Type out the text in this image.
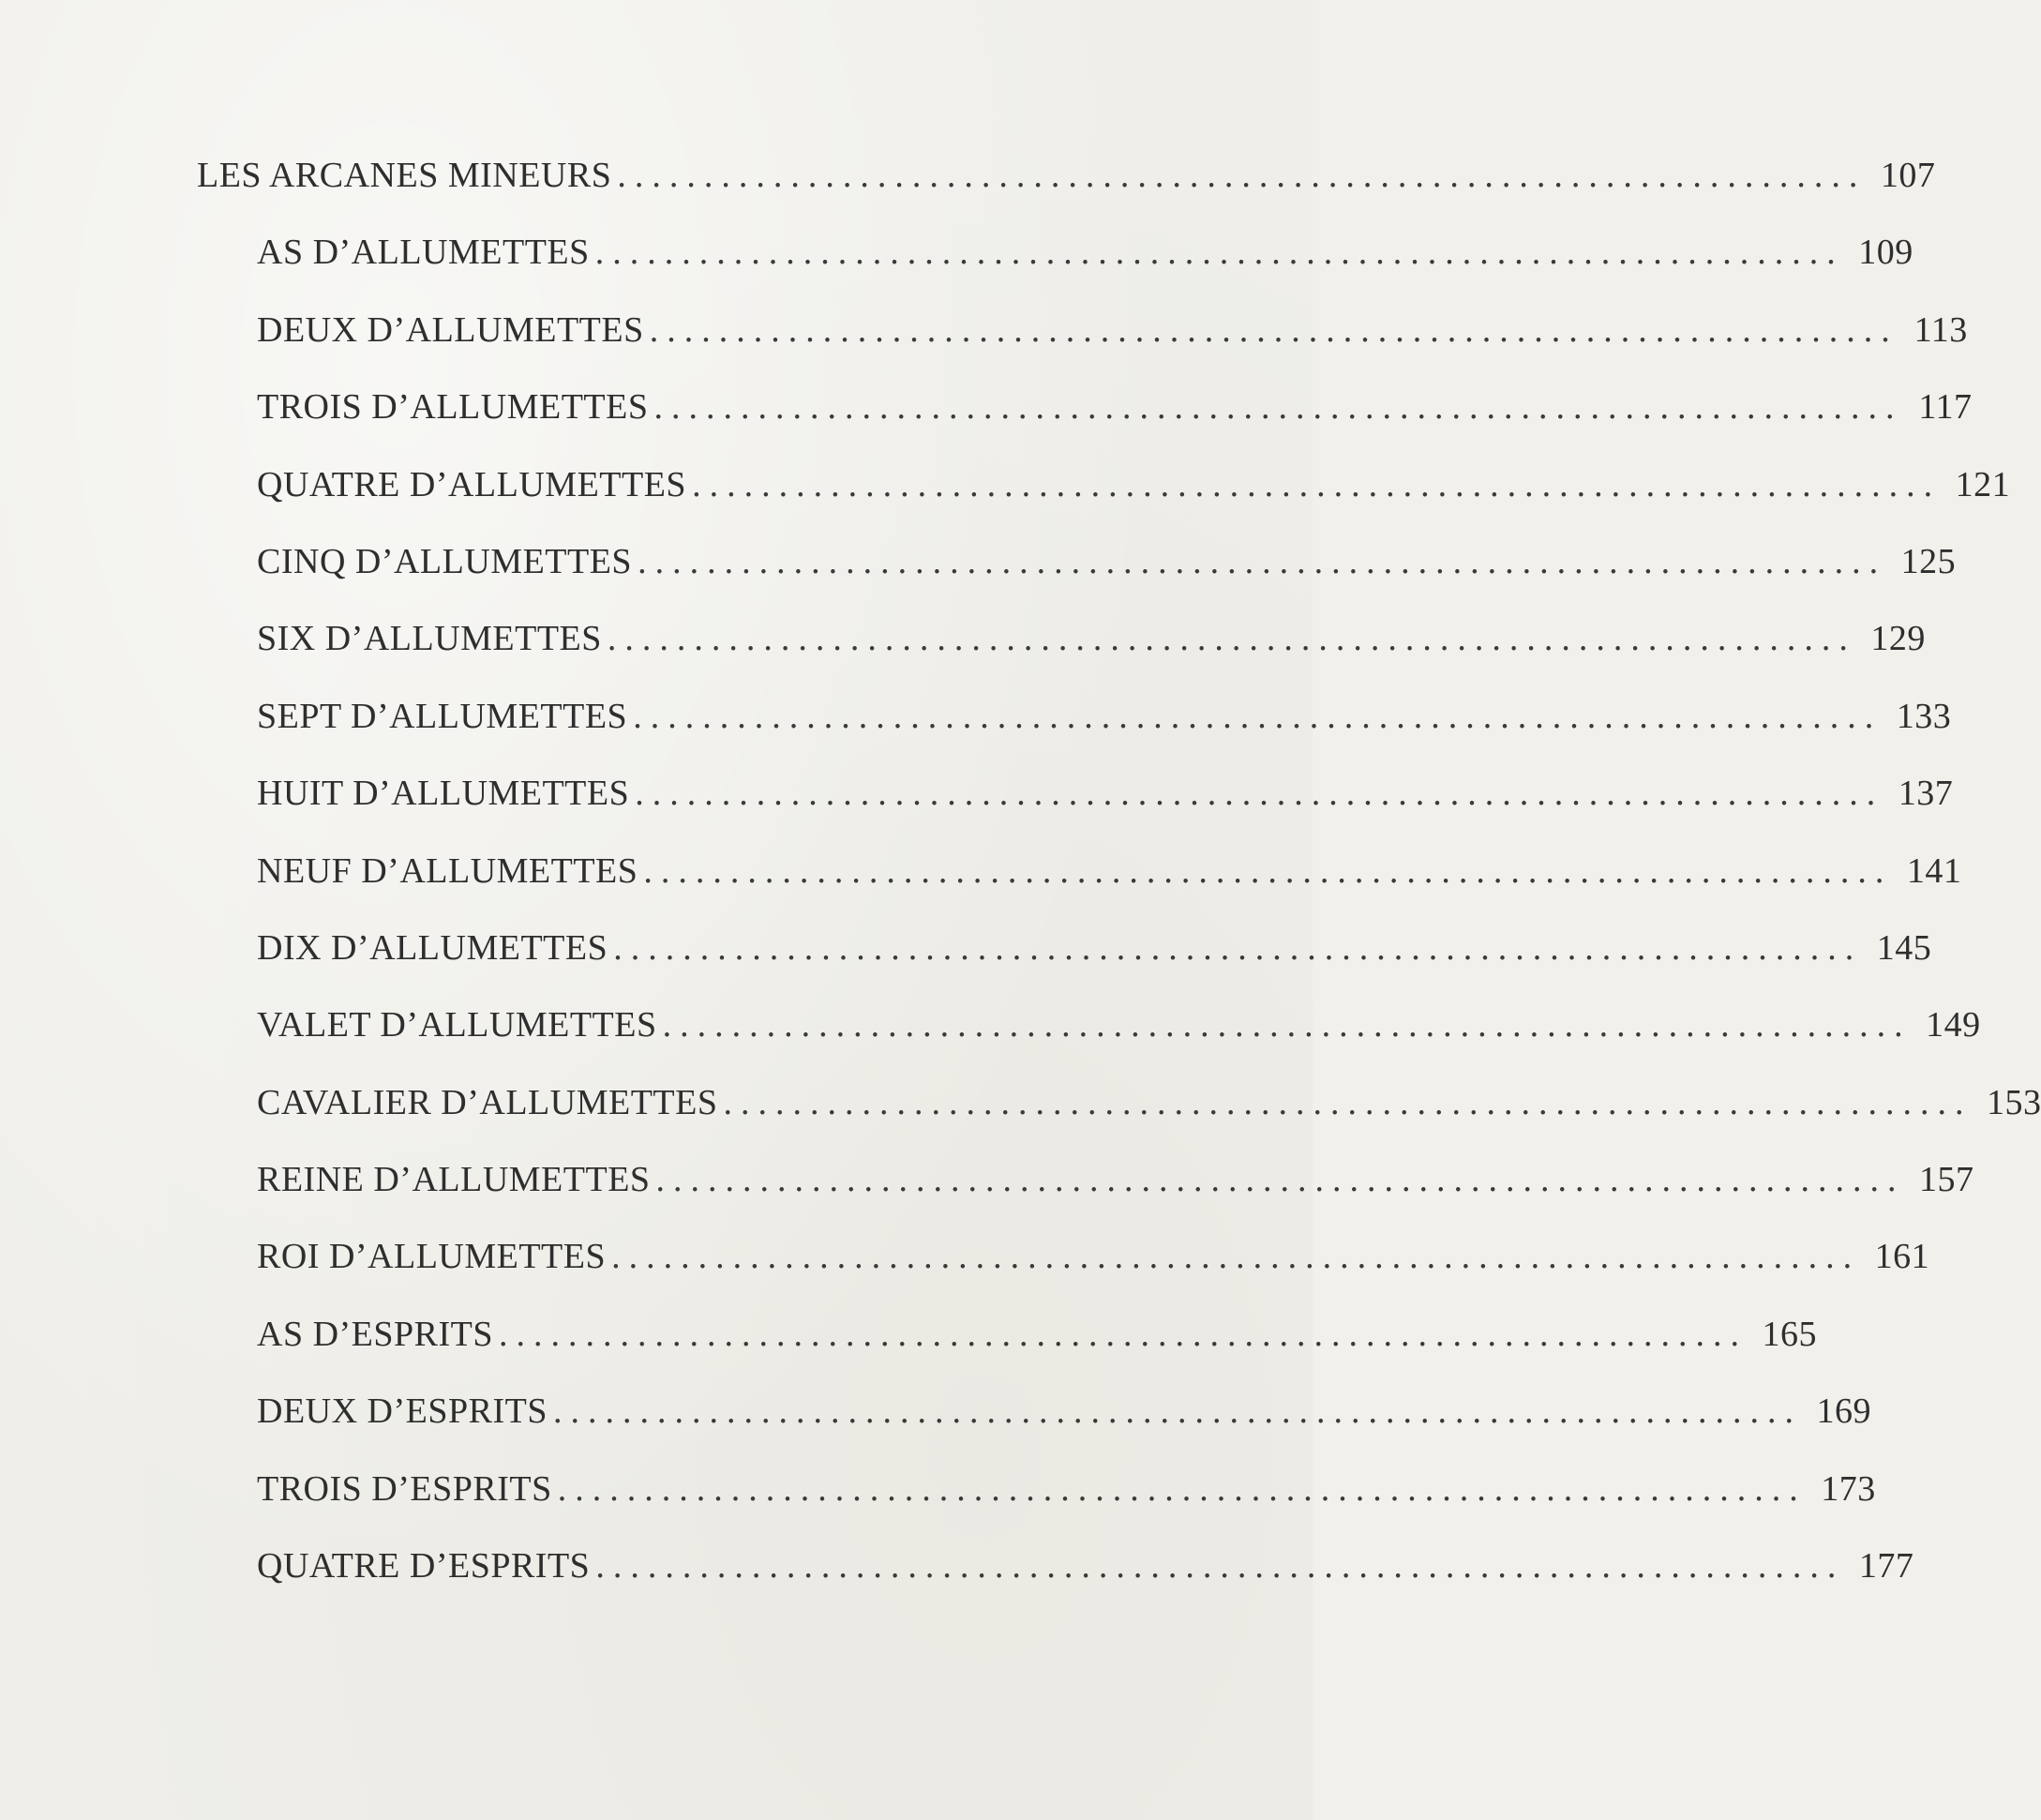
LES ARCANES MINEURS ........................................................................ 107
AS D’ALLUMETTES ........................................................................ 109
DEUX D’ALLUMETTES ........................................................................ 113
TROIS D’ALLUMETTES ........................................................................ 117
QUATRE D’ALLUMETTES ........................................................................ 121
CINQ D’ALLUMETTES ........................................................................ 125
SIX D’ALLUMETTES ........................................................................ 129
SEPT D’ALLUMETTES ........................................................................ 133
HUIT D’ALLUMETTES ........................................................................ 137
NEUF D’ALLUMETTES ........................................................................ 141
DIX D’ALLUMETTES ........................................................................ 145
VALET D’ALLUMETTES ........................................................................ 149
CAVALIER D’ALLUMETTES ........................................................................ 153
REINE D’ALLUMETTES ........................................................................ 157
ROI D’ALLUMETTES ........................................................................ 161
AS D’ESPRITS ........................................................................ 165
DEUX D’ESPRITS ........................................................................ 169
TROIS D’ESPRITS ........................................................................ 173
QUATRE D’ESPRITS ........................................................................ 177
